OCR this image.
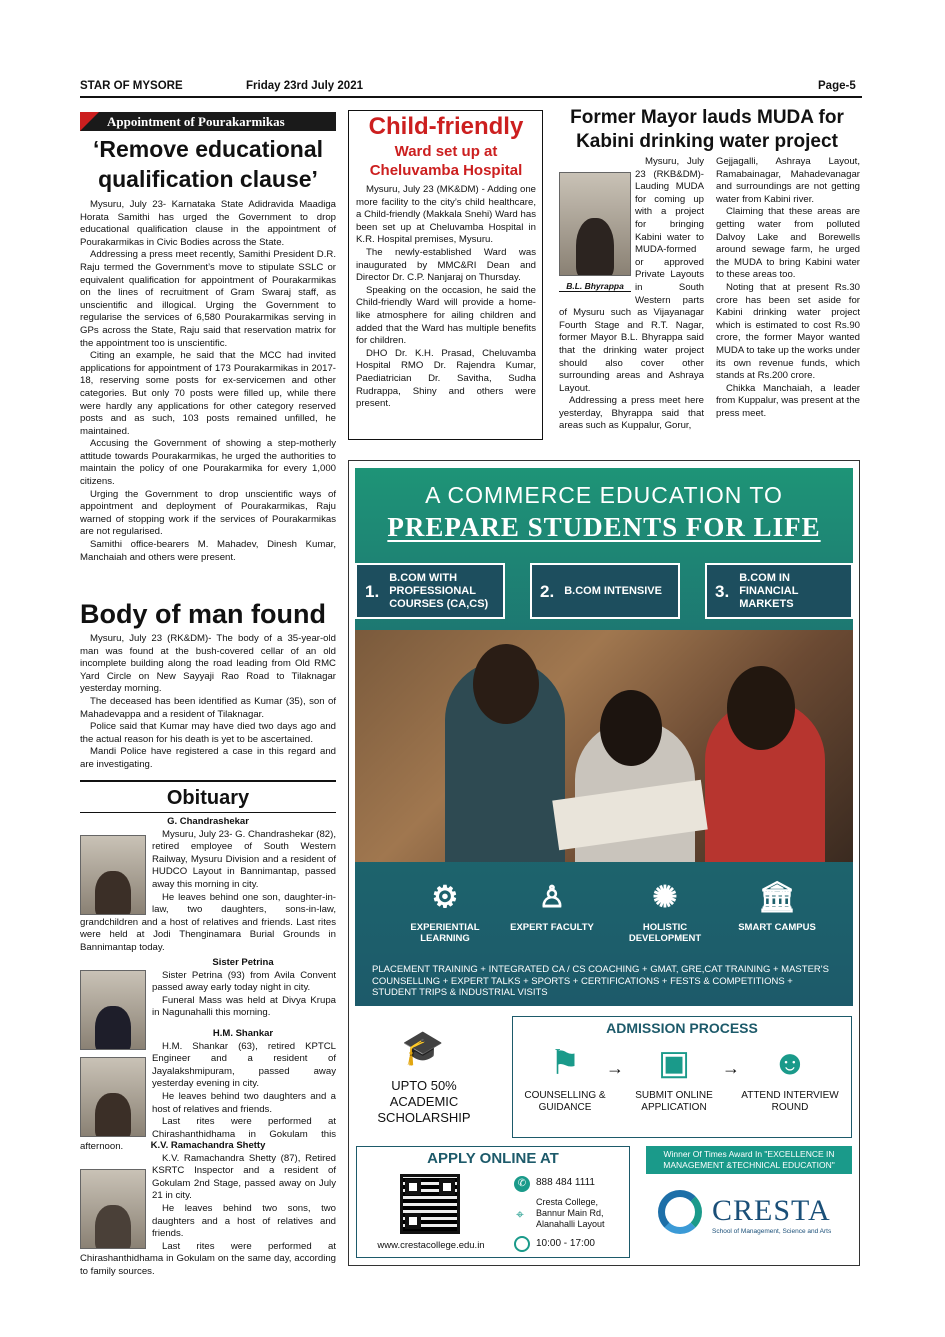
STAR OF MYSORE	Friday 23rd July 2021	Page-5
Appointment of Pourakarmikas
‘Remove educational qualification clause’

Mysuru, July 23- Karnataka State Adidravida Maadiga Horata Samithi has urged the Government to drop educational qualification clause in the appointment of Pourakarmikas in Civic Bodies across the State.

Addressing a press meet recently, Samithi President D.R. Raju termed the Government’s move to stipulate SSLC or equivalent qualification for appointment of Pourakarmikas on the lines of recruitment of Gram Swaraj staff, as unscientific and illogical. Urging the Government to regularise the services of 6,580 Pourakarmikas serving in GPs across the State, Raju said that reservation matrix for the appointment too is unscientific.

Citing an example, he said that the MCC had invited applications for appointment of 173 Pourakarmikas in 2017-18, reserving some posts for ex-servicemen and other categories. But only 70 posts were filled up, while there were hardly any applications for other category reserved posts and as such, 103 posts remained unfilled, he maintained.

Accusing the Government of showing a step-motherly attitude towards Pourakarmikas, he urged the authorities to maintain the policy of one Pourakarmika for every 1,000 citizens.

Urging the Government to drop unscientific ways of appointment and deployment of Pourakarmikas, Raju warned of stopping work if the services of Pourakarmikas are not regularised.

Samithi office-bearers M. Mahadev, Dinesh Kumar, Manchaiah and others were present.

Body of man found

Mysuru, July 23 (RK&DM)- The body of a 35-year-old man was found at the bush-covered cellar of an old incomplete building along the road leading from Old RMC Yard Circle on New Sayyaji Rao Road to Tilaknagar yesterday morning.

The deceased has been identified as Kumar (35), son of Mahadevappa and a resident of Tilaknagar.

Police said that Kumar may have died two days ago and the actual reason for his death is yet to be ascertained.

Mandi Police have registered a case in this regard and are investigating.

Obituary
G. Chandrashekar

Mysuru, July 23- G. Chandrashekar (82), retired employee of South Western Railway, Mysuru Division and a resident of HUDCO Layout in Bannimantap, passed away this morning in city.

He leaves behind one son, daughter-in-law, two daughters, sons-in-law, grandchildren and a host of relatives and friends. Last rites were held at Jodi Thenginamara Burial Grounds in Bannimantap today.

Sister Petrina

Sister Petrina (93) from Avila Convent passed away early today night in city.

Funeral Mass was held at Divya Krupa in Nagunahalli this morning.

H.M. Shankar

H.M. Shankar (63), retired KPTCL Engineer and a resident of Jayalakshmipuram, passed away yesterday evening in city.

He leaves behind two daughters and a host of relatives and friends.

Last rites were performed at Chirashanthidhama in Gokulam this afternoon.	K.V. Ramachandra Shetty

K.V. Ramachandra Shetty (87), Retired KSRTC Inspector and a resident of Gokulam 2nd Stage, passed away on July 21 in city.

He leaves behind two sons, two daughters and a host of relatives and friends.

Last rites were performed at Chirashanthidhama in Gokulam on the same day, according to family sources.

Child-friendly
Ward set up at
Cheluvamba Hospital

Mysuru, July 23 (MK&DM) - Adding one more facility to the city’s child healthcare, a Child-friendly (Makkala Snehi) Ward has been set up at Cheluvamba Hospital in K.R. Hospital premises, Mysuru.

The newly-established Ward was inaugurated by MMC&RI Dean and Director Dr. C.P. Nanjaraj on Thursday.

Speaking on the occasion, he said the Child-friendly Ward will provide a home-like atmosphere for ailing children and added that the Ward has multiple benefits for children.

DHO Dr. K.H. Prasad, Cheluvamba Hospital RMO Dr. Rajendra Kumar, Paediatrician Dr. Savitha, Sudha Rudrappa, Shiny and others were present.

Former Mayor lauds MUDA for Kabini drinking water project
B.L. Bhyrappa

Mysuru, July 23 (RKB&DM)- Lauding MUDA for coming up with a project for bringing Kabini water to MUDA-formed or approved Private Layouts in South Western parts of Mysuru such as Vijayanagar Fourth Stage and R.T. Nagar, former Mayor B.L. Bhyrappa said that the drinking water project should also cover other surrounding areas and Ashraya Layout.

Addressing a press meet here yesterday, Bhyrappa said that areas such as Kuppalur, Gorur,

Gejjagalli, Ashraya Layout, Ramabainagar, Mahadevanagar and surroundings are not getting water from Kabini river.

Claiming that these areas are getting water from polluted Dalvoy Lake and Borewells around sewage farm, he urged the MUDA to bring Kabini water to these areas too.

Noting that at present Rs.30 crore has been set aside for Kabini drinking water project which is estimated to cost Rs.90 crore, the former Mayor wanted MUDA to take up the works under its own revenue funds, which stands at Rs.200 crore.

Chikka Manchaiah, a leader from Kuppalur, was present at the press meet.

A COMMERCE EDUCATION TO
PREPARE STUDENTS FOR LIFE
1.
B.COM WITH PROFESSIONAL COURSES (CA,CS)
2. B.COM INTENSIVE	3.
B.COM IN FINANCIAL MARKETS
⚙
EXPERIENTIAL LEARNING
♙
EXPERT FACULTY
✺
HOLISTIC DEVELOPMENT
🏛
SMART CAMPUS
PLACEMENT TRAINING + INTEGRATED CA / CS COACHING + GMAT, GRE,CAT TRAINING + MASTER'S COUNSELLING + EXPERT TALKS + SPORTS + CERTIFICATIONS + FESTS & COMPETITIONS + STUDENT TRIPS & INDUSTRIAL VISITS
🎓
UPTO 50% ACADEMIC SCHOLARSHIP
ADMISSION PROCESS
⚑
COUNSELLING & GUIDANCE
→ ▣
SUBMIT ONLINE APPLICATION
→ ☻
ATTEND INTERVIEW ROUND
APPLY ONLINE AT
www.crestacollege.edu.in
✆ 888 484 1111
⌖
Cresta College, Bannur Main Rd, Alanahalli Layout
10:00 - 17:00
Winner Of Times Award In "EXCELLENCE IN MANAGEMENT &TECHNICAL EDUCATION"
CRESTA
School of Management, Science and Arts
